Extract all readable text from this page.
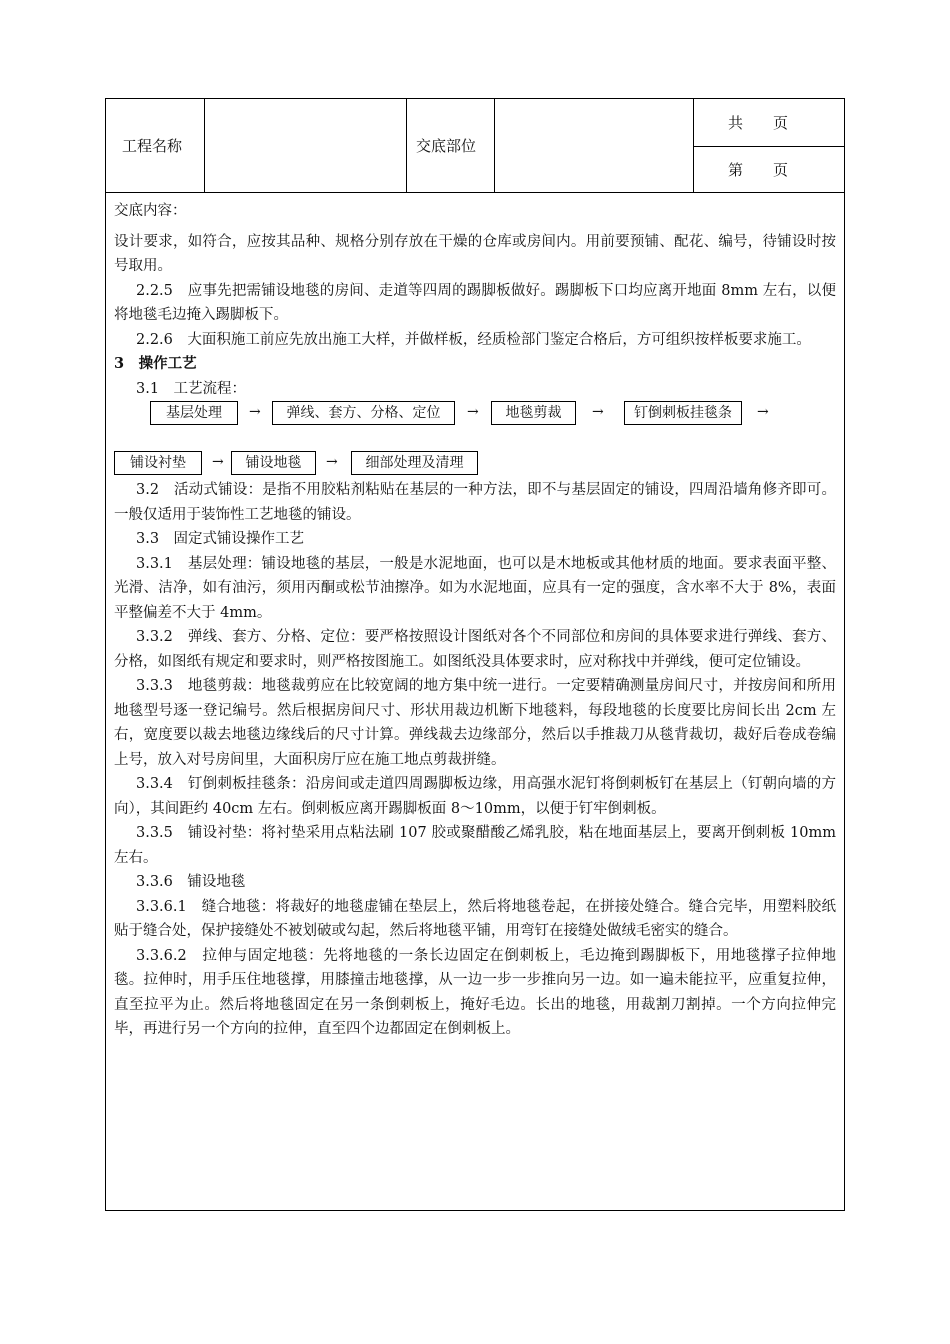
工程名称	交底部位
共　　页
第　　页

交底内容：

设计要求，如符合，应按其品种、规格分别存放在干燥的仓库或房间内。用前要预铺、配花、编号，待铺设时按号取用。

2.2.5　应事先把需铺设地毯的房间、走道等四周的踢脚板做好。踢脚板下口均应离开地面 8mm 左右，以便将地毯毛边掩入踢脚板下。

2.2.6　大面积施工前应先放出施工大样，并做样板，经质检部门鉴定合格后，方可组织按样板要求施工。

3　操作工艺

3.1　工艺流程：

基层处理	→	弹线、套方、分格、定位	→	地毯剪裁	→	钉倒刺板挂毯条	→
铺设衬垫	→	铺设地毯	→	细部处理及清理

3.2　活动式铺设：是指不用胶粘剂粘贴在基层的一种方法，即不与基层固定的铺设，四周沿墙角修齐即可。一般仅适用于装饰性工艺地毯的铺设。

3.3　固定式铺设操作工艺

3.3.1　基层处理：铺设地毯的基层，一般是水泥地面，也可以是木地板或其他材质的地面。要求表面平整、光滑、洁净，如有油污，须用丙酮或松节油擦净。如为水泥地面，应具有一定的强度，含水率不大于 8%，表面平整偏差不大于 4mm。

3.3.2　弹线、套方、分格、定位：要严格按照设计图纸对各个不同部位和房间的具体要求进行弹线、套方、分格，如图纸有规定和要求时，则严格按图施工。如图纸没具体要求时，应对称找中并弹线，便可定位铺设。

3.3.3　地毯剪裁：地毯裁剪应在比较宽阔的地方集中统一进行。一定要精确测量房间尺寸，并按房间和所用地毯型号逐一登记编号。然后根据房间尺寸、形状用裁边机断下地毯料，每段地毯的长度要比房间长出 2cm 左右，宽度要以裁去地毯边缘线后的尺寸计算。弹线裁去边缘部分，然后以手推裁刀从毯背裁切，裁好后卷成卷编上号，放入对号房间里，大面积房厅应在施工地点剪裁拼缝。

3.3.4　钉倒刺板挂毯条：沿房间或走道四周踢脚板边缘，用高强水泥钉将倒刺板钉在基层上（钉朝向墙的方向），其间距约 40cm 左右。倒刺板应离开踢脚板面 8～10mm，以便于钉牢倒刺板。

3.3.5　铺设衬垫：将衬垫采用点粘法刷 107 胶或聚醋酸乙烯乳胶，粘在地面基层上，要离开倒刺板 10mm 左右。

3.3.6　铺设地毯

3.3.6.1　缝合地毯：将裁好的地毯虚铺在垫层上，然后将地毯卷起，在拼接处缝合。缝合完毕，用塑料胶纸贴于缝合处，保护接缝处不被划破或勾起，然后将地毯平铺，用弯钉在接缝处做绒毛密实的缝合。

3.3.6.2　拉伸与固定地毯：先将地毯的一条长边固定在倒刺板上，毛边掩到踢脚板下，用地毯撑子拉伸地毯。拉伸时，用手压住地毯撑，用膝撞击地毯撑，从一边一步一步推向另一边。如一遍未能拉平，应重复拉伸，直至拉平为止。然后将地毯固定在另一条倒刺板上，掩好毛边。长出的地毯，用裁割刀割掉。一个方向拉伸完毕，再进行另一个方向的拉伸，直至四个边都固定在倒刺板上。
